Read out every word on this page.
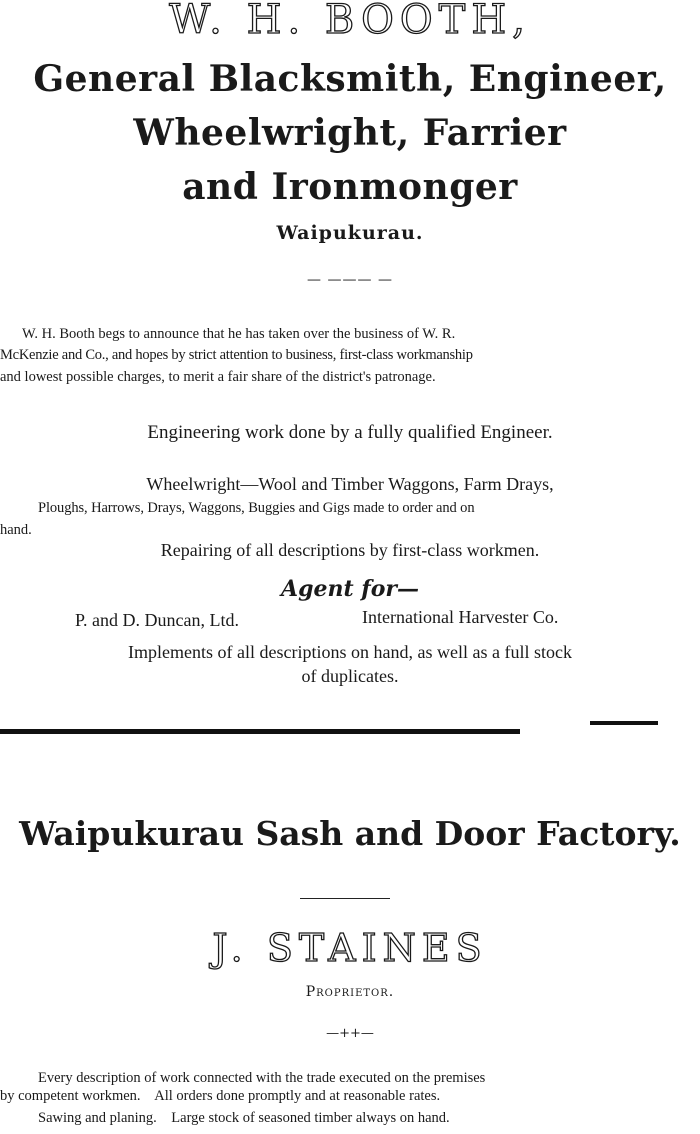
W. H. BOOTH,
General Blacksmith, Engineer,
Wheelwright, Farrier
and Ironmonger
Waipukurau.
— ——— —
W. H. Booth begs to announce that he has taken over the business of W. R.
McKenzie and Co., and hopes by strict attention to business, first-class workmanship
and lowest possible charges, to merit a fair share of the district's patronage.
Engineering work done by a fully qualified Engineer.
Wheelwright—Wool and Timber Waggons, Farm Drays,
Ploughs, Harrows, Drays, Waggons, Buggies and Gigs made to order and on
hand.
Repairing of all descriptions by first-class workmen.
Agent for—
P. and D. Duncan, Ltd.	International Harvester Co.
Implements of all descriptions on hand, as well as a full stock
of duplicates.
Waipukurau Sash and Door Factory.
J. STAINES
Proprietor.
—++—
Every description of work connected with the trade executed on the premises
by competent workmen.    All orders done promptly and at reasonable rates.
Sawing and planing.    Large stock of seasoned timber always on hand.
